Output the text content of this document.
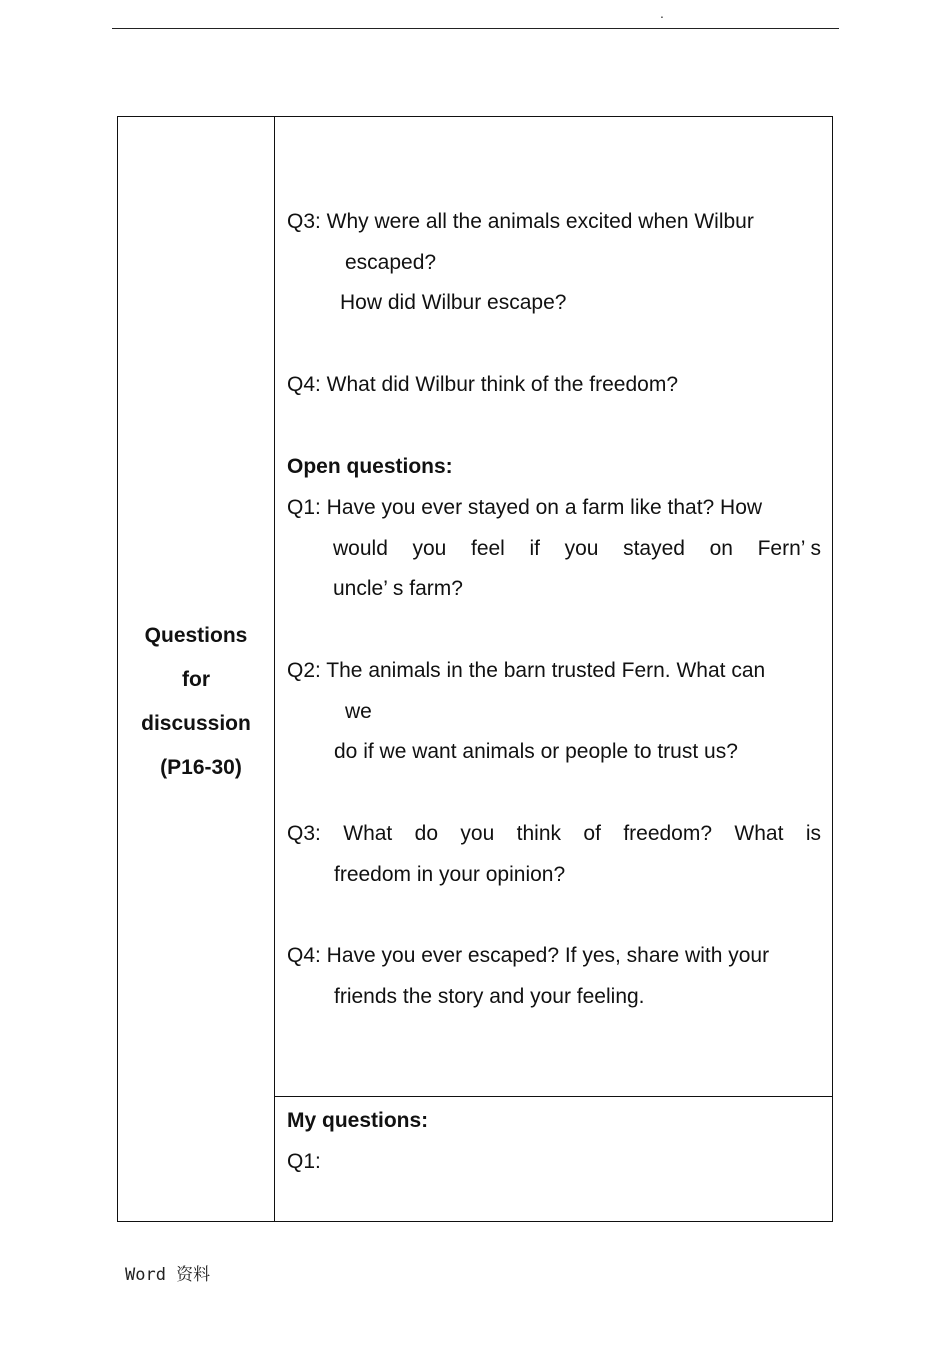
.
Questions
for
discussion
(P16-30)
Q3: Why were all the animals excited when Wilbur
escaped?
How did Wilbur escape?
Q4: What did Wilbur think of the freedom?
Open questions:
Q1: Have you ever stayed on a farm like that? How
would you feel if you stayed on Fern’ s
uncle’ s farm?
Q2: The animals in the barn trusted Fern. What can
we
do if we want animals or people to trust us?
Q3: What do you think of freedom? What is
freedom in your opinion?
Q4: Have you ever escaped? If yes, share with your
friends the story and your feeling.
My questions:
Q1:
Word 资料
